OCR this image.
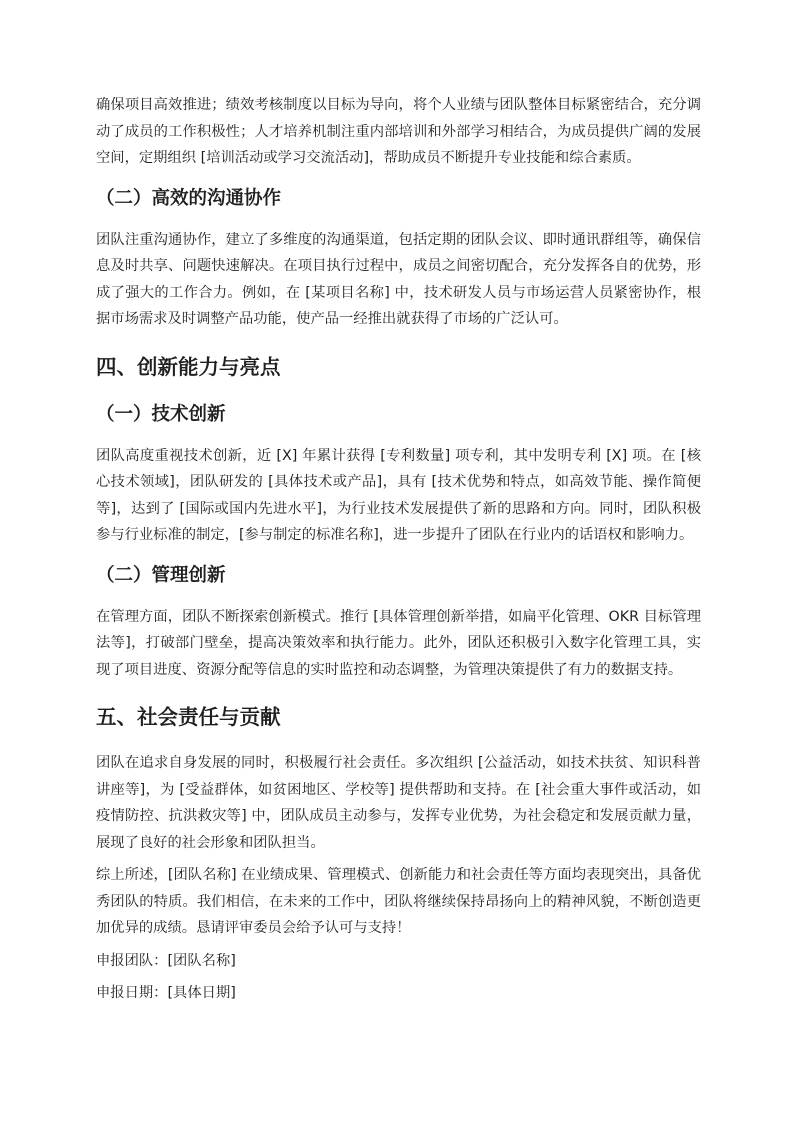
确保项目高效推进；绩效考核制度以目标为导向，将个人业绩与团队整体目标紧密结合，充分调动了成员的工作积极性；人才培养机制注重内部培训和外部学习相结合，为成员提供广阔的发展空间，定期组织 [培训活动或学习交流活动]，帮助成员不断提升专业技能和综合素质。

（二）高效的沟通协作

团队注重沟通协作，建立了多维度的沟通渠道，包括定期的团队会议、即时通讯群组等，确保信息及时共享、问题快速解决。在项目执行过程中，成员之间密切配合，充分发挥各自的优势，形成了强大的工作合力。例如，在 [某项目名称] 中，技术研发人员与市场运营人员紧密协作，根据市场需求及时调整产品功能，使产品一经推出就获得了市场的广泛认可。

四、创新能力与亮点
（一）技术创新

团队高度重视技术创新，近 [X] 年累计获得 [专利数量] 项专利，其中发明专利 [X] 项。在 [核心技术领域]，团队研发的 [具体技术或产品]，具有 [技术优势和特点，如高效节能、操作简便等]，达到了 [国际或国内先进水平]，为行业技术发展提供了新的思路和方向。同时，团队积极参与行业标准的制定，[参与制定的标准名称]，进一步提升了团队在行业内的话语权和影响力。

（二）管理创新

在管理方面，团队不断探索创新模式。推行 [具体管理创新举措，如扁平化管理、OKR 目标管理法等]，打破部门壁垒，提高决策效率和执行能力。此外，团队还积极引入数字化管理工具，实现了项目进度、资源分配等信息的实时监控和动态调整，为管理决策提供了有力的数据支持。

五、社会责任与贡献

团队在追求自身发展的同时，积极履行社会责任。多次组织 [公益活动，如技术扶贫、知识科普讲座等]，为 [受益群体，如贫困地区、学校等] 提供帮助和支持。在 [社会重大事件或活动，如疫情防控、抗洪救灾等] 中，团队成员主动参与，发挥专业优势，为社会稳定和发展贡献力量，展现了良好的社会形象和团队担当。

综上所述，[团队名称] 在业绩成果、管理模式、创新能力和社会责任等方面均表现突出，具备优秀团队的特质。我们相信，在未来的工作中，团队将继续保持昂扬向上的精神风貌，不断创造更加优异的成绩。恳请评审委员会给予认可与支持！

申报团队：[团队名称]
申报日期：[具体日期]
